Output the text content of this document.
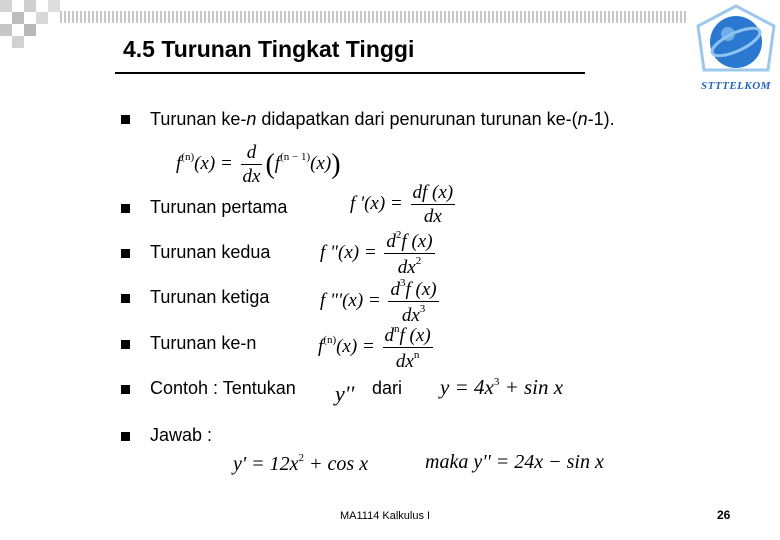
4.5 Turunan Tingkat Tinggi
STTTELKOM
Turunan ke-n didapatkan dari penurunan turunan ke-(n-1).
$f^{(n)}(x) = \frac{d}{dx} (f^{(n - 1)}(x))$
Turunan pertama	f '$(x) = \frac{df (x)}{dx}$
Turunan kedua	f "$(x) = \frac{d^2f (x)}{dx^2}$
Turunan ketiga	f "'$(x) = \frac{d^3f (x)}{dx^3}$
Turunan ke-n	$f^{(n)}(x) = \frac{d^nf (x)}{dx^n}$
Contoh : Tentukan y'' dari $y = 4x^3 + \sin x$
Jawab :
$y' = 12x^2 + \cos x$	maka y'' = 24x − sin x
MA1114 Kalkulus I	26
